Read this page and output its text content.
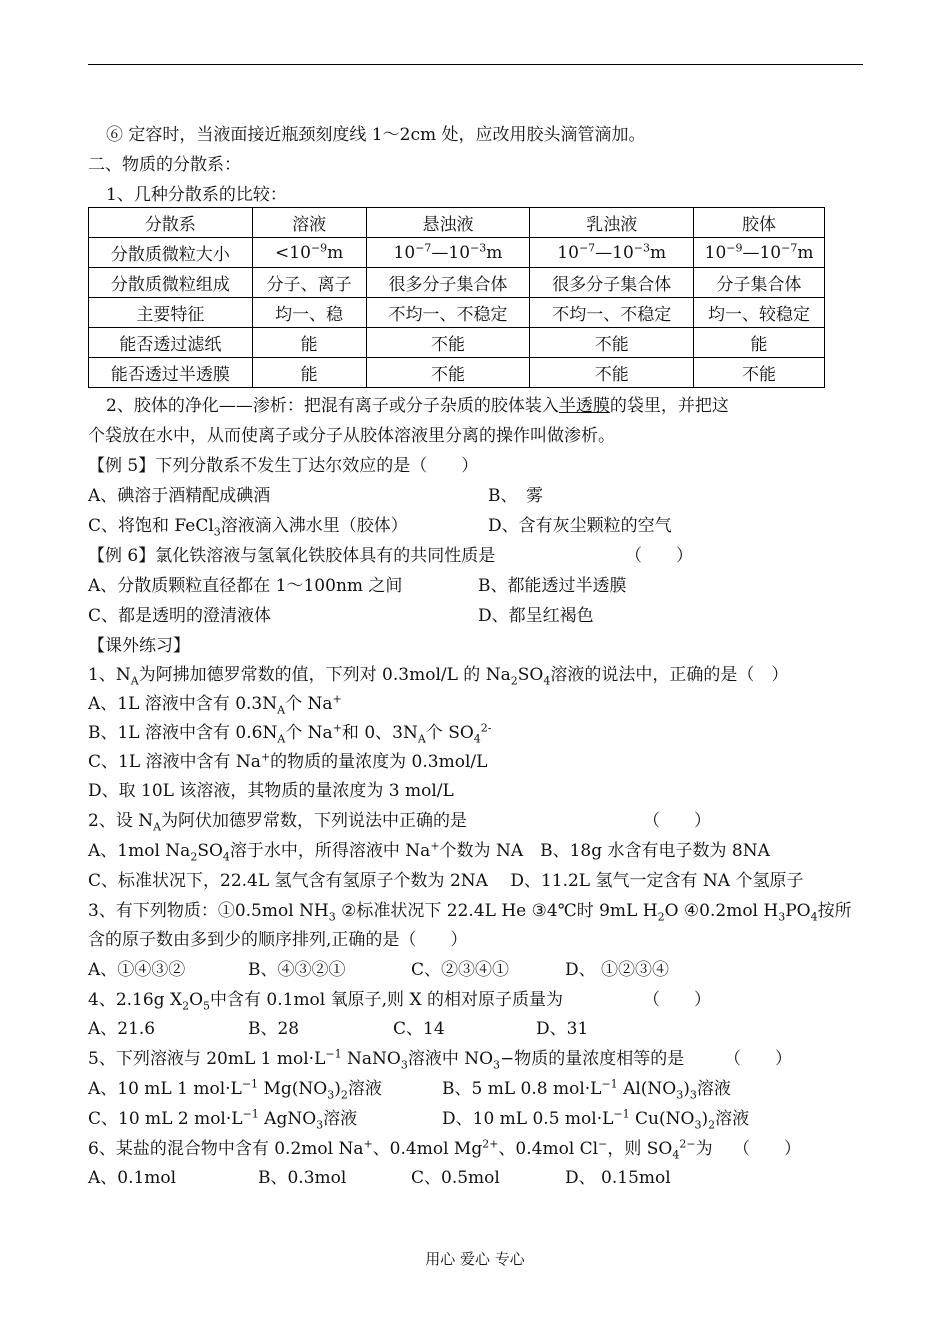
⑥ 定容时，当液面接近瓶颈刻度线 1～2cm 处，应改用胶头滴管滴加。
二、物质的分散系：
1、几种分散系的比较：
分散系	溶液	悬浊液	乳浊液	胶体
分散质微粒大小	$<10^{-9}m$	$10^{-7}—10^{-3}m$	$10^{-7}—10^{-3}m$	$10^{-9}—10^{-7}m$
分散质微粒组成	分子、离子	很多分子集合体	很多分子集合体	分子集合体
主要特征	均一、稳	不均一、不稳定	不均一、不稳定	均一、较稳定
能否透过滤纸	能	不能	不能	能
能否透过半透膜	能	不能	不能	不能
2、胶体的净化——渗析：把混有离子或分子杂质的胶体装入半透膜的袋里，并把这
个袋放在水中，从而使离子或分子从胶体溶液里分离的操作叫做渗析。
【例 5】下列分散系不发生丁达尔效应的是（　　）
A、碘溶于酒精配成碘酒	B、　雾
C、将饱和 FeCl$_3$溶液滴入沸水里（胶体）	D、含有灰尘颗粒的空气
【例 6】氯化铁溶液与氢氧化铁胶体具有的共同性质是	（　　）
A、分散质颗粒直径都在 1～100nm 之间	B、都能透过半透膜
C、都是透明的澄清液体	D、都呈红褐色
【课外练习】
1、$N_A$为阿拂加德罗常数的值，下列对 0.3mol/L 的 $Na_2SO_4$溶液的说法中，正确的是（　）
A、1L 溶液中含有 $0.3N_A$个 Na+
B、1L 溶液中含有 $0.6N_A$个 Na+和 0、$3N_A$个 $SO_4^{2-}$
C、1L 溶液中含有 Na+的物质的量浓度为 0.3mol/L
D、取 10L 该溶液，其物质的量浓度为 3 mol/L
2、设 $N_A$为阿伏加德罗常数，下列说法中正确的是	（　　）
A、1mol $Na_2SO_4$溶于水中，所得溶液中 Na+个数为 NA　B、18g 水含有电子数为 8NA
C、标准状况下，22.4L 氢气含有氢原子个数为 2NA　 D、11.2L 氢气一定含有 NA 个氢原子
3、有下列物质：①0.5mol $NH_3$ ②标准状况下 22.4L He ③4℃时 9mL $H_2O$ ④0.2mol $H_3PO_4$按所
含的原子数由多到少的顺序排列,正确的是（　　）
A、①④③②	B、④③②①	C、②③④①	D、 ①②③④
4、2.16g $X_2O_5$中含有 0.1mol 氧原子,则 X 的相对原子质量为	（　　）
A、21.6	B、28	C、14	D、31
5、下列溶液与 20mL 1 $mol\cdot L^{-1}$ NaNO$_3$溶液中 $NO_3-$物质的量浓度相等的是 （　　）
A、10 mL 1 $mol\cdot L^{-1}$ $Mg(NO_3)_2$溶液	B、5 mL 0.8 $mol\cdot L^{-1}$ $Al(NO_3)_3$溶液
C、10 mL 2 $mol\cdot L^{-1}$ AgNO$_3$溶液	D、10 mL 0.5 $mol\cdot L^{-1}$ $Cu(NO_3)_2$溶液
6、某盐的混合物中含有 0.2mol Na+、0.4mol $Mg^{2+}$、0.4mol Cl−，则 $SO_4^{2-}$为 （　　）
A、0.1mol	B、0.3mol	C、0.5mol	D、 0.15mol
用心 爱心 专心
